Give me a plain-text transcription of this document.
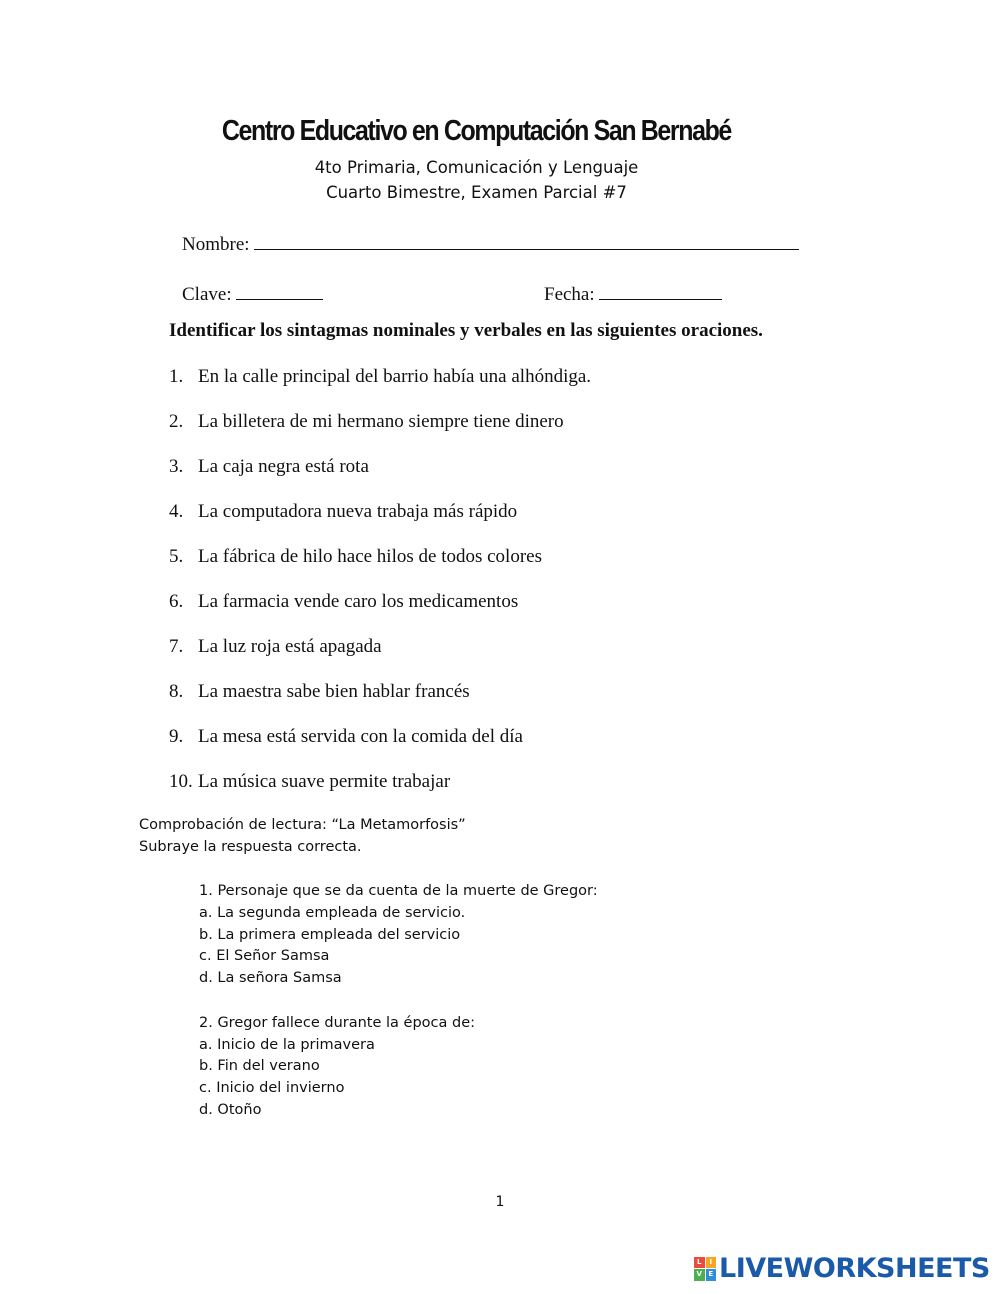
Centro Educativo en Computación San Bernabé
4to Primaria, Comunicación y Lenguaje
Cuarto Bimestre, Examen Parcial #7
Nombre:
Clave:	Fecha:
Identificar los sintagmas nominales y verbales en las siguientes oraciones.
1. En la calle principal del barrio había una alhóndiga.
2. La billetera de mi hermano siempre tiene dinero
3. La caja negra está rota
4. La computadora nueva trabaja más rápido
5. La fábrica de hilo hace hilos de todos colores
6. La farmacia vende caro los medicamentos
7. La luz roja está apagada
8. La maestra sabe bien hablar francés
9. La mesa está servida con la comida del día
10. La música suave permite trabajar
Comprobación de lectura: “La Metamorfosis”
Subraye la respuesta correcta.
1. Personaje que se da cuenta de la muerte de Gregor:
a. La segunda empleada de servicio.
b. La primera empleada del servicio
c. El Señor Samsa
d. La señora Samsa
2. Gregor fallece durante la época de:
a. Inicio de la primavera
b. Fin del verano
c. Inicio del invierno
d. Otoño
1
L	I
V E LIVEWORKSHEETS
